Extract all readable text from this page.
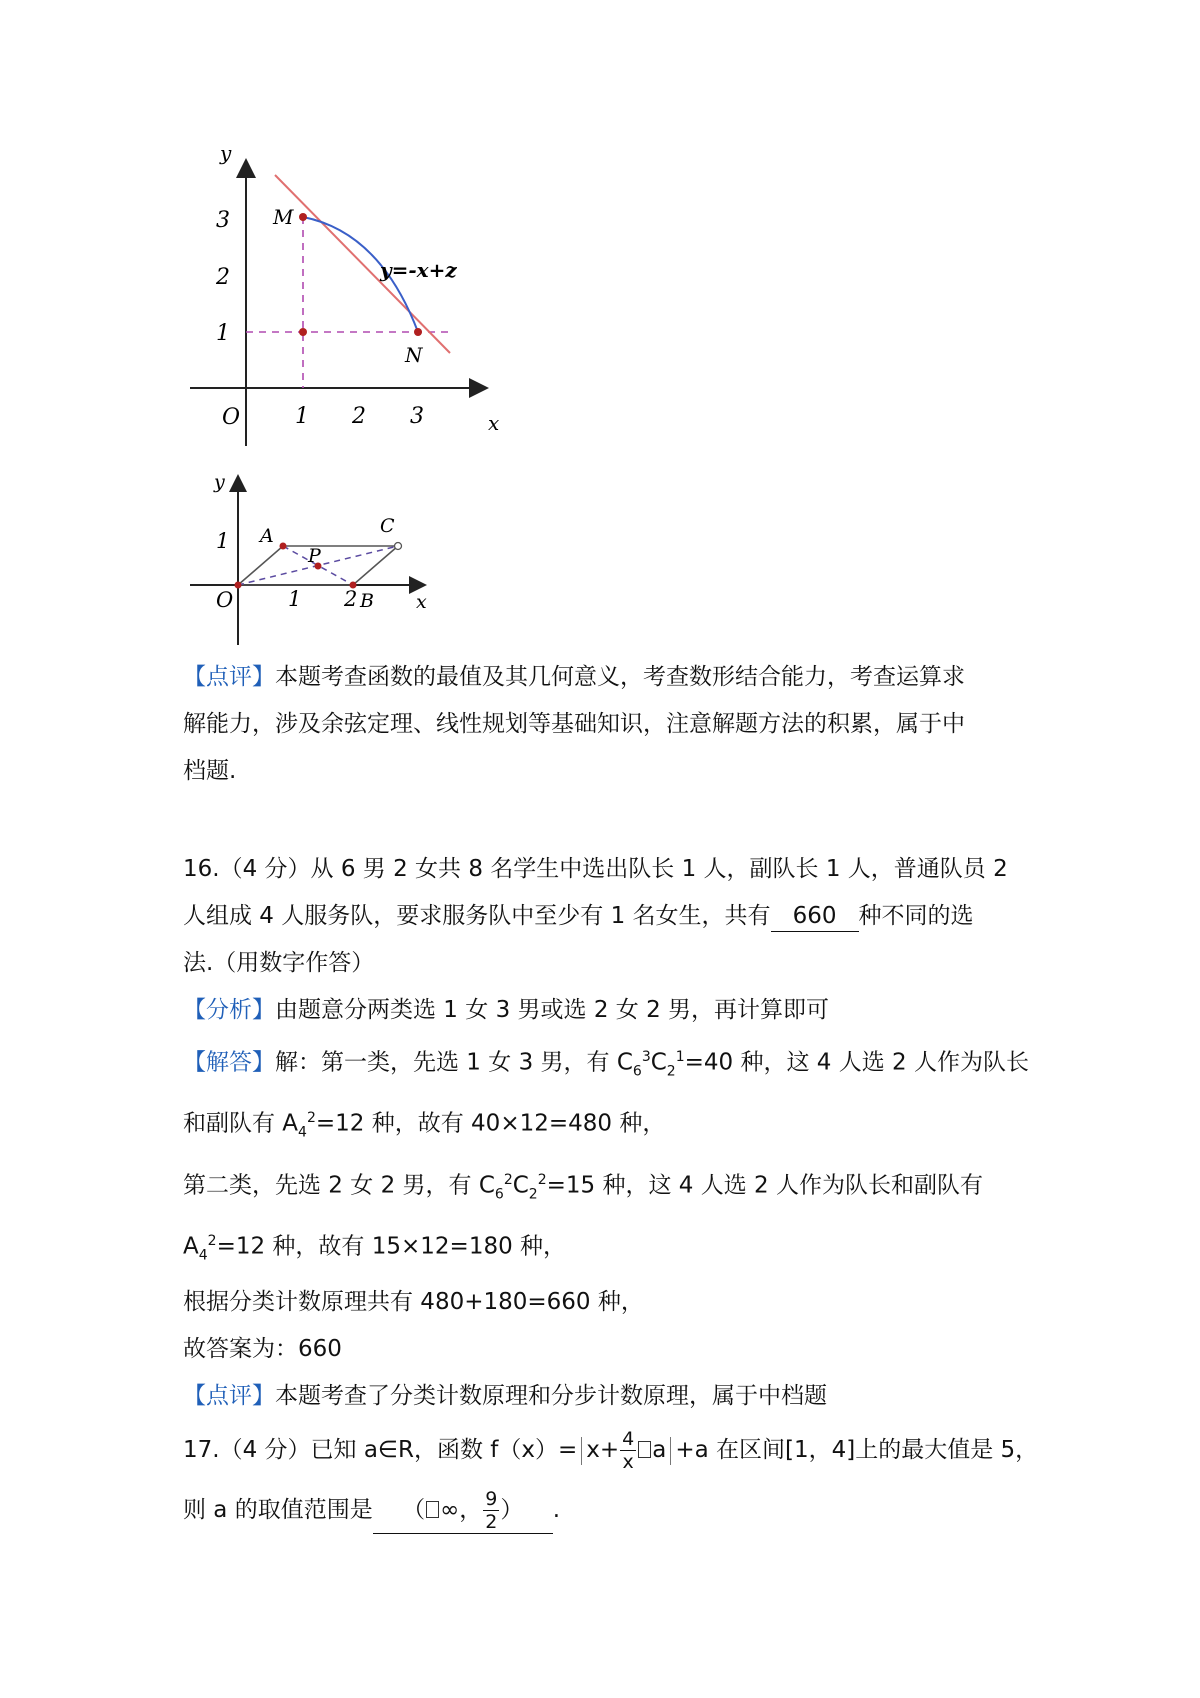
y
x
O 1 2 3
1
2
3 M
N
y=-x+z
y
x
O	1 2
1 A
B
C
P
【点评】本题考查函数的最值及其几何意义，考查数形结合能力，考查运算求
解能力，涉及余弦定理、线性规划等基础知识，注意解题方法的积累，属于中
档题.
16.（4 分）从 6 男 2 女共 8 名学生中选出队长 1 人，副队长 1 人，普通队员 2
人组成 4 人服务队，要求服务队中至少有 1 名女生，共有 660 种不同的选
法.（用数字作答）
【分析】由题意分两类选 1 女 3 男或选 2 女 2 男，再计算即可
【解答】解：第一类，先选 1 女 3 男，有 $C_6^3C_2^1=40$ 种，这 4 人选 2 人作为队长
和副队有 $A_4^2=12$ 种，故有 40×12=480 种，
第二类，先选 2 女 2 男，有 $C_6^2C_2^2=15$ 种，这 4 人选 2 人作为队长和副队有
$A_4^2=12$ 种，故有 15×12=180 种，
根据分类计数原理共有 480+180=660 种，
故答案为：660
【点评】本题考查了分类计数原理和分步计数原理，属于中档题
17.（4 分）已知 a∈R，函数 $f(x)= x+ \frac{4}{x}$ a +a 在区间[1，4]上的最大值是 5，
则 a 的取值范围是 （ ∞， $\frac{9}{2}$ ） .
